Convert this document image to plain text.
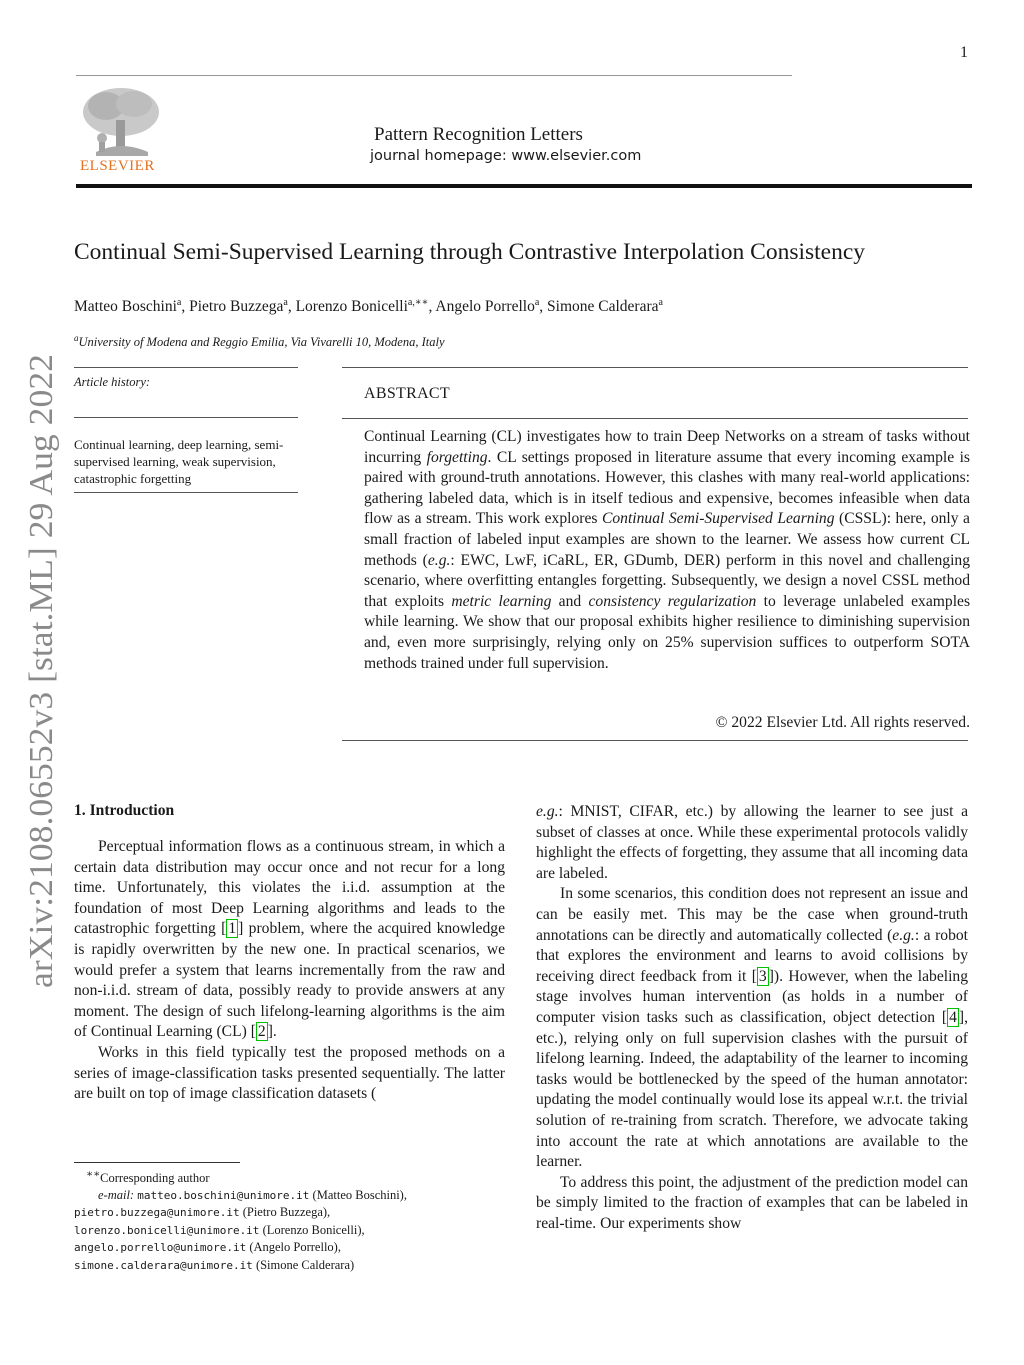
1
ELSEVIER
Pattern Recognition Letters
journal homepage: www.elsevier.com
arXiv:2108.06552v3 [stat.ML] 29 Aug 2022
Continual Semi-Supervised Learning through Contrastive Interpolation Consistency
Matteo Boschini$^a$, Pietro Buzzega$^a$, Lorenzo Bonicelli$^{a,∗∗}$, Angelo Porrello$^a$, Simone Calderara$^a$
$^a$University of Modena and Reggio Emilia, Via Vivarelli 10, Modena, Italy
Article history:
Continual learning, deep learning, semi-supervised learning, weak supervision, catastrophic forgetting
ABSTRACT
Continual Learning (CL) investigates how to train Deep Networks on a stream of tasks without incurring forgetting. CL settings proposed in literature assume that every incoming example is paired with ground-truth annotations. However, this clashes with many real-world applications: gathering labeled data, which is in itself tedious and expensive, becomes infeasible when data flow as a stream. This work explores Continual Semi-Supervised Learning (CSSL): here, only a small fraction of labeled input examples are shown to the learner. We assess how current CL methods (e.g.: EWC, LwF, iCaRL, ER, GDumb, DER) perform in this novel and challenging scenario, where overfitting entangles forgetting. Subsequently, we design a novel CSSL method that exploits metric learning and consistency regularization to leverage unlabeled examples while learning. We show that our proposal exhibits higher resilience to diminishing supervision and, even more surprisingly, relying only on 25% supervision suffices to outperform SOTA methods trained under full supervision.
© 2022 Elsevier Ltd. All rights reserved.
1. Introduction

Perceptual information flows as a continuous stream, in which a certain data distribution may occur once and not recur for a long time. Unfortunately, this violates the i.i.d. assumption at the foundation of most Deep Learning algorithms and leads to the catastrophic forgetting [ 1 ] problem, where the acquired knowledge is rapidly overwritten by the new one. In practical scenarios, we would prefer a system that learns incrementally from the raw and non-i.i.d. stream of data, possibly ready to provide answers at any moment. The design of such lifelong-learning algorithms is the aim of Continual Learning (CL) [ 2 ].

Works in this field typically test the proposed methods on a series of image-classification tasks presented sequentially. The latter are built on top of image classification datasets (

e.g.: MNIST, CIFAR, etc.) by allowing the learner to see just a subset of classes at once. While these experimental protocols validly highlight the effects of forgetting, they assume that all incoming data are labeled.

In some scenarios, this condition does not represent an issue and can be easily met. This may be the case when ground-truth annotations can be directly and automatically collected (e.g.: a robot that explores the environment and learns to avoid collisions by receiving direct feedback from it [ 3 ]). However, when the labeling stage involves human intervention (as holds in a number of computer vision tasks such as classification, object detection [ 4 ], etc.), relying only on full supervision clashes with the pursuit of lifelong learning. Indeed, the adaptability of the learner to incoming tasks would be bottlenecked by the speed of the human annotator: updating the model continually would lose its appeal w.r.t. the trivial solution of re-training from scratch. Therefore, we advocate taking into account the rate at which annotations are available to the learner.

To address this point, the adjustment of the prediction model can be simply limited to the fraction of examples that can be labeled in real-time. Our experiments show

∗∗Corresponding author

e-mail: matteo.boschini@unimore.it (Matteo Boschini),

pietro.buzzega@unimore.it (Pietro Buzzega),

lorenzo.bonicelli@unimore.it (Lorenzo Bonicelli),

angelo.porrello@unimore.it (Angelo Porrello),

simone.calderara@unimore.it (Simone Calderara)
